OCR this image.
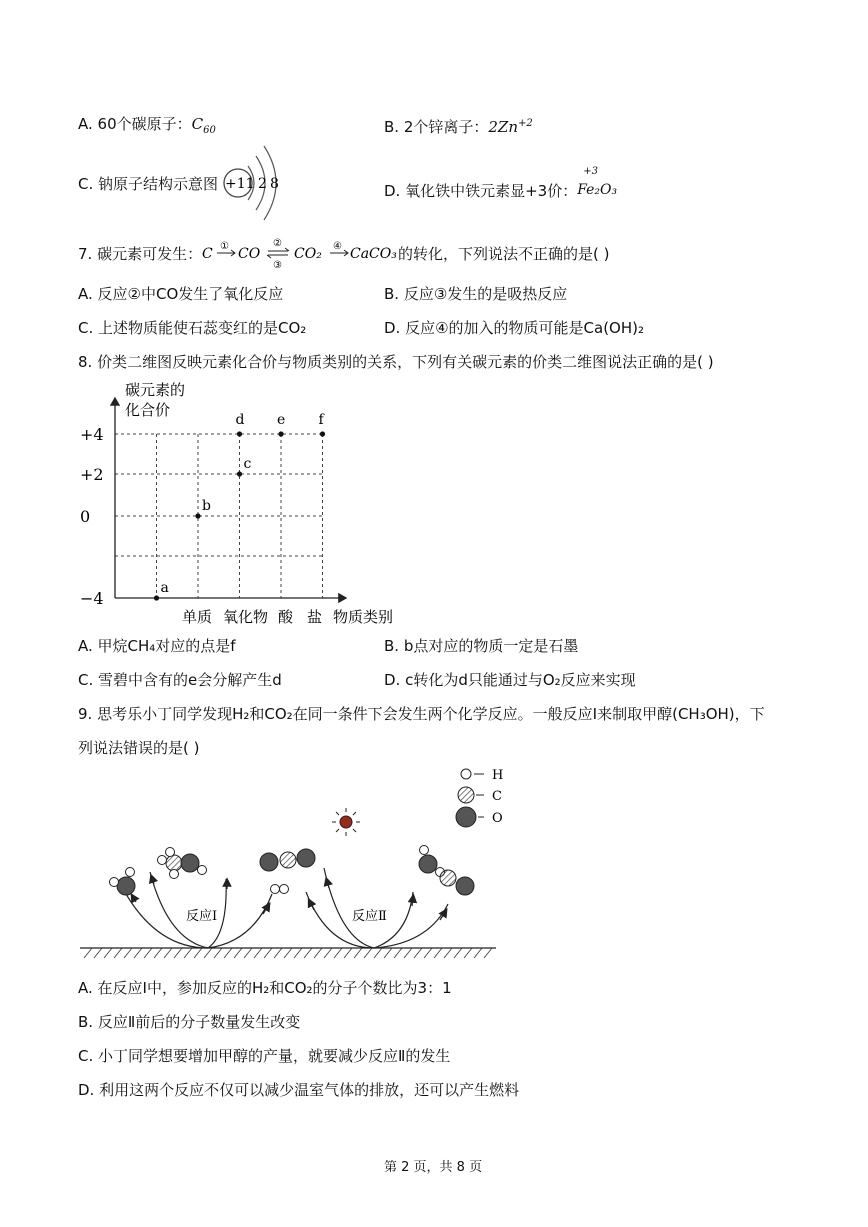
A. 60个碳原子：$C_{60}$	B. 2个锌离子：$2Zn^{+2}$
C. 钠原子结构示意图 +11 2 8	D. 氧化铁中铁元素显+3价：
+3
Fe₂O₃
7. 碳元素可发生： C ① CO
②
③
CO₂ ④ CaCO₃ 的转化，下列说法不正确的是( )
A. 反应②中CO发生了氧化反应	B. 反应③发生的是吸热反应
C. 上述物质能使石蕊变红的是CO₂	D. 反应④的加入的物质可能是Ca(OH)₂
8. 价类二维图反映元素化合价与物质类别的关系，下列有关碳元素的价类二维图说法正确的是( )
碳元素的
化合价
+4
+2
0
−4
单质 氧化物 酸 盐 物质类别
a
b
c
d e f
A. 甲烷CH₄对应的点是f	B. b点对应的物质一定是石墨
C. 雪碧中含有的e会分解产生d	D. c转化为d只能通过与O₂反应来实现
9. 思考乐小丁同学发现H₂和CO₂在同一条件下会发生两个化学反应。一般反应Ⅰ来制取甲醇(CH₃OH)，下
列说法错误的是( )
H
C
O
反应Ⅰ	反应Ⅱ
A. 在反应Ⅰ中，参加反应的H₂和CO₂的分子个数比为3：1
B. 反应Ⅱ前后的分子数量发生改变
C. 小丁同学想要增加甲醇的产量，就要减少反应Ⅱ的发生
D. 利用这两个反应不仅可以减少温室气体的排放，还可以产生燃料
第 2 页，共 8 页
